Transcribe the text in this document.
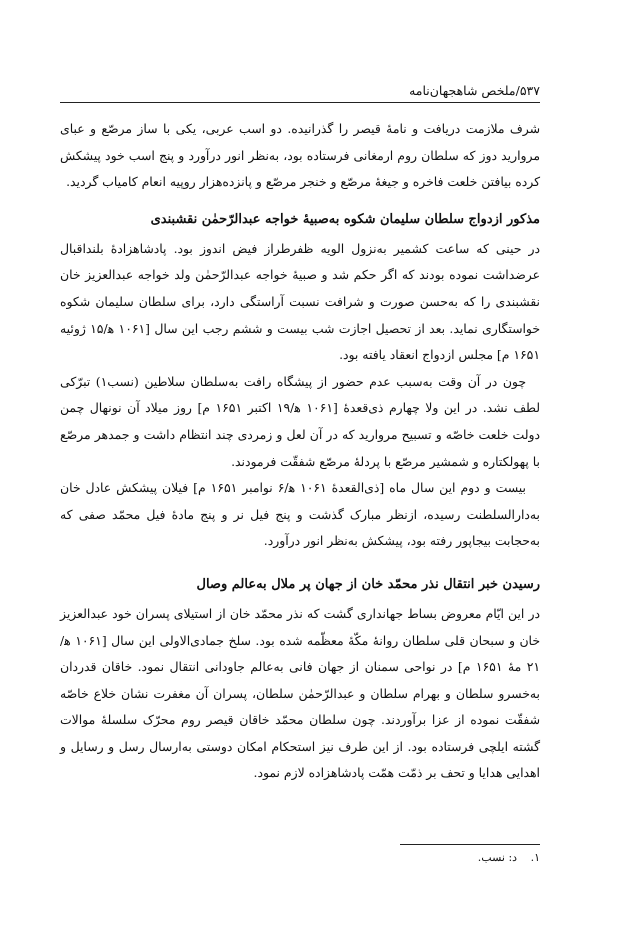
۵۳۷/ملخص شاهجهان‌نامه

شرف ملازمت دریافت و نامهٔ قیصر را گذرانیده. دو اسب عربی، یکی با ساز مرصّع و عبای مروارید دوز که سلطان روم ارمغانی فرستاده بود، به‌نظر انور درآورد و پنج اسب خود پیشکش کرده بیافتن خلعت فاخره و جیغهٔ مرصّع و خنجر مرصّع و پانزده‌هزار روپیه انعام کامیاب گردید.

مذکور ازدواج سلطان سلیمان شکوه به‌صبیهٔ خواجه عبدالرّحمٰن نقشبندی

در حینی که ساعت کشمیر به‌نزول الویه ظفرطراز فیض اندوز بود. پادشاهزادهٔ بلنداقبال عرضداشت نموده بودند که اگر حکم شد و صبیهٔ خواجه عبدالرّحمٰن ولد خواجه عبدالعزیز خان نقشبندی را که به‌حسن صورت و شرافت نسبت آراستگی دارد، برای سلطان سلیمان شکوه خواستگاری نماید. بعد از تحصیل اجازت شب بیست و ششم رجب این سال [۱۰۶۱ ه‍/۱۵ ژوئیه ۱۶۵۱ م] مجلس ازدواج انعقاد یافته بود.

چون در آن وقت به‌سبب عدم حضور از پیشگاه رافت به‌سلطان سلاطین (نسب۱) تبرّکی لطف نشد. در این ولا چهارم ذی‌قعدهٔ [۱۰۶۱ ه‍/۱۹ اکتبر ۱۶۵۱ م] روز میلاد آن نونهال چمن دولت خلعت خاصّه و تسبیح مروارید که در آن لعل و زمردی چند انتظام داشت و جمدهر مرصّع با پهولکتاره و شمشیر مرصّع با پردلهٔ مرصّع شفقّت فرمودند.

بیست و دوم این سال ماه [ذی‌القعدهٔ ۱۰۶۱ ه‍/۶ نوامبر ۱۶۵۱ م] فیلان پیشکش عادل خان به‌دارالسلطنت رسیده، ازنظر مبارک گذشت و پنج فیل نر و پنج مادهٔ فیل محمّد صفی که به‌حجابت بیجاپور رفته بود، پیشکش به‌نظر انور درآورد.

رسیدن خبر انتقال نذر محمّد خان از جهان پر ملال به‌عالم وصال

در این ایّام معروض بساط جهانداری گشت که نذر محمّد خان از استیلای پسران خود عبدالعزیز خان و سبحان قلی سلطان روانهٔ مکّهٔ معظّمه شده بود. سلخ جمادی‌الاولی این سال [۱۰۶۱ ه‍/۲۱ مهٔ ۱۶۵۱ م] در نواحی سمنان از جهان فانی به‌عالم جاودانی انتقال نمود. خاقان قدردان به‌خسرو سلطان و بهرام سلطان و عبدالرّحمٰن سلطان، پسران آن مغفرت نشان خلاع خاصّه شفقّت نموده از عزا برآوردند. چون سلطان محمّد خاقان قیصر روم محرّک سلسلهٔ موالات گشته ایلچی فرستاده بود. از این طرف نیز استحکام امکان دوستی به‌ارسال رسل و رسایل و اهدایی هدایا و تحف بر ذمّت همّت پادشاهزاده لازم نمود.

۱. د: نسب.
